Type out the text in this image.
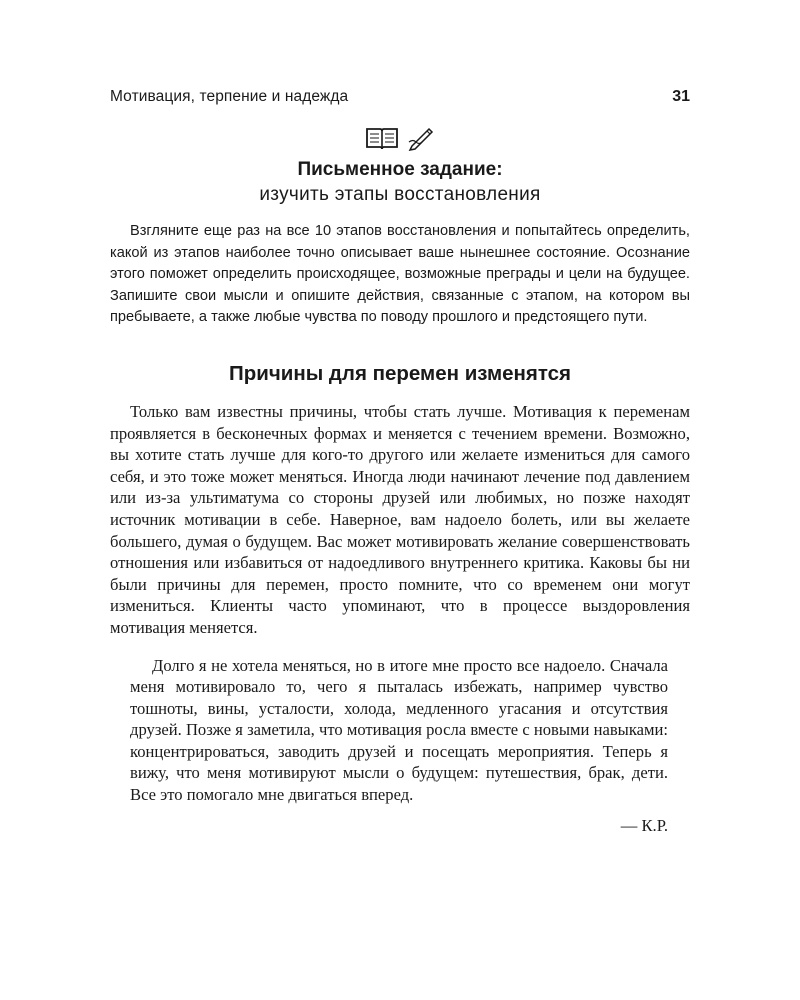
Мотивация, терпение и надежда	31
Письменное задание:
изучить этапы восстановления

Взгляните еще раз на все 10 этапов восстановления и попытайтесь определить, какой из этапов наиболее точно описывает ваше нынешнее состояние. Осознание этого поможет определить происходящее, возможные преграды и цели на будущее. Запишите свои мысли и опишите действия, связанные с этапом, на котором вы пребываете, а также любые чувства по поводу прошлого и предстоящего пути.

Причины для перемен изменятся

Только вам известны причины, чтобы стать лучше. Мотивация к переменам проявляется в бесконечных формах и меняется с течением времени. Возможно, вы хотите стать лучше для кого-то другого или желаете измениться для самого себя, и это тоже может меняться. Иногда люди начинают лечение под давлением или из-за ультиматума со стороны друзей или любимых, но позже находят источник мотивации в себе. Наверное, вам надоело болеть, или вы желаете большего, думая о будущем. Вас может мотивировать желание совершенствовать отношения или избавиться от надоедливого внутреннего критика. Каковы бы ни были причины для перемен, просто помните, что со временем они могут измениться. Клиенты часто упоминают, что в процессе выздоровления мотивация меняется.

Долго я не хотела меняться, но в итоге мне просто все надоело. Сначала меня мотивировало то, чего я пыталась избежать, например чувство тошноты, вины, усталости, холода, медленного угасания и отсутствия друзей. Позже я заметила, что мотивация росла вместе с новыми навыками: концентрироваться, заводить друзей и посещать мероприятия. Теперь я вижу, что меня мотивируют мысли о будущем: путешествия, брак, дети. Все это помогало мне двигаться вперед.

— К.Р.
